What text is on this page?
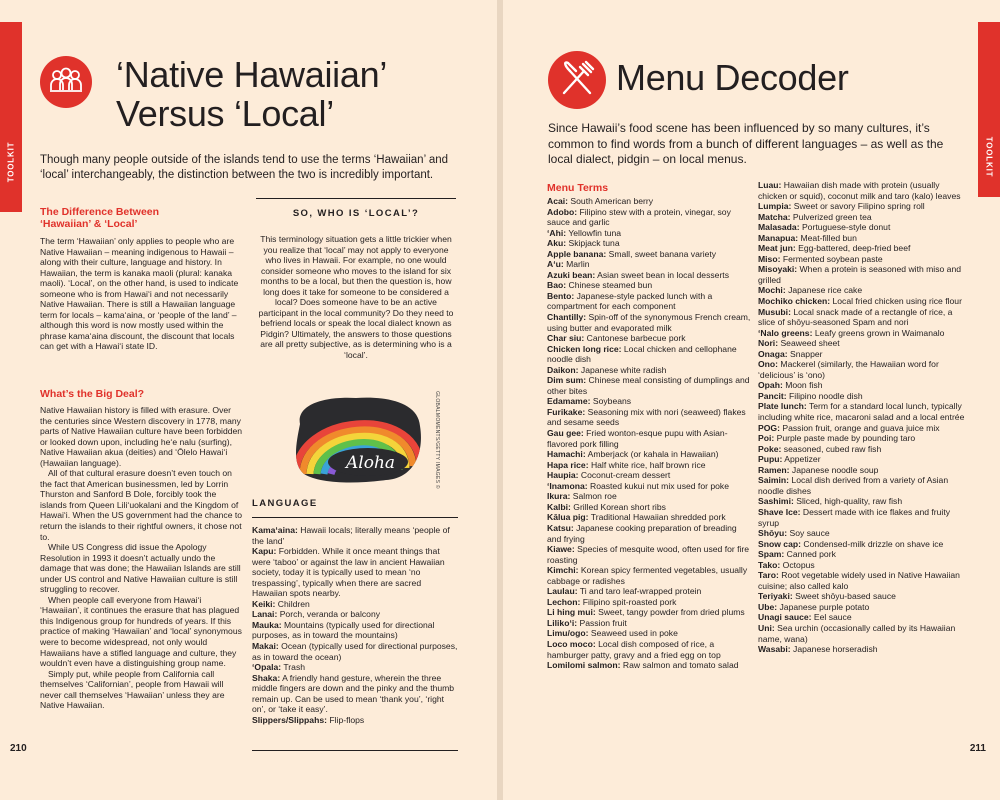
TOOLKIT
‘Native Hawaiian’ Versus ‘Local’
Though many people outside of the islands tend to use the terms ‘Hawaiian’ and ‘local’ interchangeably, the distinction between the two is incredibly important.
The Difference Between ‘Hawaiian’ & ‘Local’
The term ‘Hawaiian’ only applies to people who are Native Hawaiian – meaning indigenous to Hawaii – along with their culture, language and history. In Hawaiian, the term is kanaka maoli (plural: kanaka maoli). ‘Local’, on the other hand, is used to indicate someone who is from Hawai‘i and not necessarily Native Hawaiian. There is still a Hawaiian language term for locals – kama‘aina, or ‘people of the land’ – although this word is now mostly used within the phrase kama‘aina discount, the discount that locals can get with a Hawai‘i state ID.
What’s the Big Deal?

Native Hawaiian history is filled with erasure. Over the centuries since Western discovery in 1778, many parts of Native Hawaiian culture have been forbidden or looked down upon, including he‘e nalu (surfing), Native Hawaiian akua (deities) and ‘Ōlelo Hawai‘i (Hawaiian language).

All of that cultural erasure doesn’t even touch on the fact that American businessmen, led by Lorrin Thurston and Sanford B Dole, forcibly took the islands from Queen Lili‘uokalani and the Kingdom of Hawai‘i. When the US government had the chance to return the islands to their rightful owners, it chose not to.

While US Congress did issue the Apology Resolution in 1993 it doesn’t actually undo the damage that was done; the Hawaiian Islands are still under US control and Native Hawaiian culture is still struggling to recover.

When people call everyone from Hawai‘i ‘Hawaiian’, it continues the erasure that has plagued this Indigenous group for hundreds of years. If this practice of making ‘Hawaiian’ and ‘local’ synonymous were to become widespread, not only would Hawaiians have a stifled language and culture, they wouldn’t even have a distinguishing group name.

Simply put, while people from California call themselves ‘Californian’, people from Hawaii will never call themselves ‘Hawaiian’ unless they are Native Hawaiian.

SO, WHO IS ‘LOCAL’?
This terminology situation gets a little trickier when you realize that ‘local’ may not apply to everyone who lives in Hawaii. For example, no one would consider someone who moves to the island for six months to be a local, but then the question is, how long does it take for someone to be considered a local? Does someone have to be an active participant in the local community? Do they need to befriend locals or speak the local dialect known as Pidgin? Ultimately, the answers to those questions are all pretty subjective, as is determining who is a ‘local’.
Aloha	GLOBALMOMENTS/GETTY IMAGES ©
LANGUAGE

Kama‘aina: Hawaii locals; literally means ‘people of the land’

Kapu: Forbidden. While it once meant things that were ‘taboo’ or against the law in ancient Hawaiian society, today it is typically used to mean ‘no trespassing’, typically when there are sacred Hawaiian spots nearby.

Keiki: Children

Lanai: Porch, veranda or balcony

Mauka: Mountains (typically used for directional purposes, as in toward the mountains)

Makai: Ocean (typically used for directional purposes, as in toward the ocean)

‘Opala: Trash

Shaka: A friendly hand gesture, wherein the three middle fingers are down and the pinky and the thumb remain up. Can be used to mean ‘thank you’, ‘right on’, or ‘take it easy’.

Slippers/Slippahs: Flip-flops

210
TOOLKIT
Menu Decoder
Since Hawaii’s food scene has been influenced by so many cultures, it’s common to find words from a bunch of different languages – as well as the local dialect, pidgin – on local menus.
Menu Terms

Acai: South American berry

Adobo: Filipino stew with a protein, vinegar, soy sauce and garlic

‘Ahi: Yellowfin tuna

Aku: Skipjack tuna

Apple banana: Small, sweet banana variety

A‘u: Marlin

Azuki bean: Asian sweet bean in local desserts

Bao: Chinese steamed bun

Bento: Japanese-style packed lunch with a compartment for each component

Chantilly: Spin-off of the synonymous French cream, using butter and evaporated milk

Char siu: Cantonese barbecue pork

Chicken long rice: Local chicken and cellophane noodle dish

Daikon: Japanese white radish

Dim sum: Chinese meal consisting of dumplings and other bites

Edamame: Soybeans

Furikake: Seasoning mix with nori (seaweed) flakes and sesame seeds

Gau gee: Fried wonton-esque pupu with Asian-flavored pork filling

Hamachi: Amberjack (or kahala in Hawaiian)

Hapa rice: Half white rice, half brown rice

Haupia: Coconut-cream dessert

‘Inamona: Roasted kukui nut mix used for poke

Ikura: Salmon roe

Kalbi: Grilled Korean short ribs

Kālua pig: Traditional Hawaiian shredded pork

Katsu: Japanese cooking preparation of breading and frying

Kiawe: Species of mesquite wood, often used for fire roasting

Kimchi: Korean spicy fermented vegetables, usually cabbage or radishes

Laulau: Ti and taro leaf-wrapped protein

Lechon: Filipino spit-roasted pork

Li hing mui: Sweet, tangy powder from dried plums

Liliko‘i: Passion fruit

Limu/ogo: Seaweed used in poke

Loco moco: Local dish composed of rice, a hamburger patty, gravy and a fried egg on top

Lomilomi salmon: Raw salmon and tomato salad

Luau: Hawaiian dish made with protein (usually chicken or squid), coconut milk and taro (kalo) leaves

Lumpia: Sweet or savory Filipino spring roll

Matcha: Pulverized green tea

Malasada: Portuguese-style donut

Manapua: Meat-filled bun

Meat jun: Egg-battered, deep-fried beef

Miso: Fermented soybean paste

Misoyaki: When a protein is seasoned with miso and grilled

Mochi: Japanese rice cake

Mochiko chicken: Local fried chicken using rice flour

Musubi: Local snack made of a rectangle of rice, a slice of shōyu-seasoned Spam and nori

‘Nalo greens: Leafy greens grown in Waimanalo

Nori: Seaweed sheet

Onaga: Snapper

Ono: Mackerel (similarly, the Hawaiian word for ‘delicious’ is ‘ono)

Opah: Moon fish

Pancit: Filipino noodle dish

Plate lunch: Term for a standard local lunch, typically including white rice, macaroni salad and a local entrée

POG: Passion fruit, orange and guava juice mix

Poi: Purple paste made by pounding taro

Poke: seasoned, cubed raw fish

Pupu: Appetizer

Ramen: Japanese noodle soup

Saimin: Local dish derived from a variety of Asian noodle dishes

Sashimi: Sliced, high-quality, raw fish

Shave Ice: Dessert made with ice flakes and fruity syrup

Shōyu: Soy sauce

Snow cap: Condensed-milk drizzle on shave ice

Spam: Canned pork

Tako: Octopus

Taro: Root vegetable widely used in Native Hawaiian cuisine; also called kalo

Teriyaki: Sweet shōyu-based sauce

Ube: Japanese purple potato

Unagi sauce: Eel sauce

Uni: Sea urchin (occasionally called by its Hawaiian name, wana)

Wasabi: Japanese horseradish

211
